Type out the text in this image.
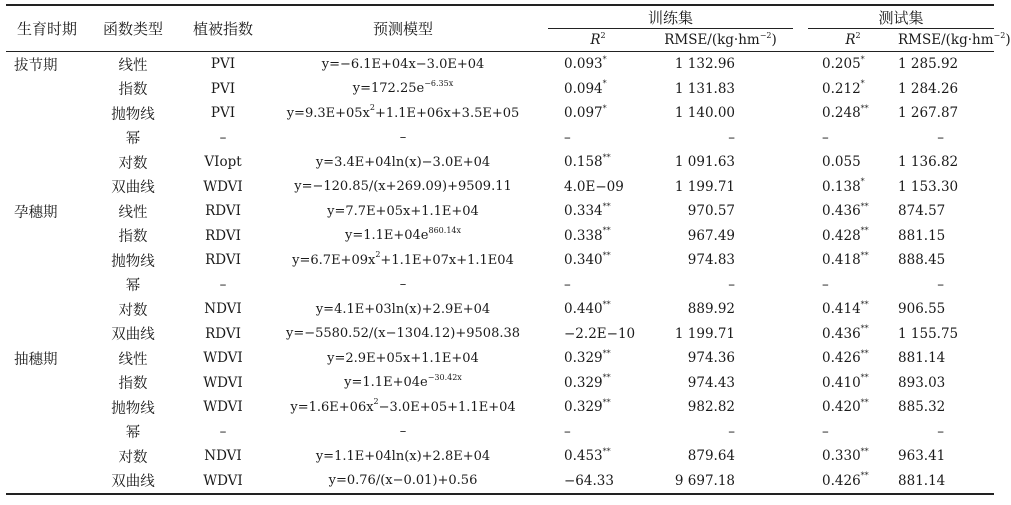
生育时期	函数类型	植被指数	预测模型		训练集			测试集	
					$R^2$	RMSE/$(kg\cdot hm^{-2})$		$R^2$	RMSE/$(kg\cdot hm^{-2})$
拔节期	线性	PVI	y=−6.1E+04x−3.0E+04		0.093*	1 132.96		0.205*	1 285.92
	指数	PVI	$y=172.25e^{-6.35x}$		0.094*	1 131.83		0.212*	1 284.26
	抛物线	PVI	$y=9.3E+05x^2+1.1E+06x+3.5E+05$		0.097*	1 140.00		0.248**	1 267.87
	幂	–	–		–	–		–	–
	对数	VIopt	y=3.4E+04ln(x)−3.0E+04		0.158**	1 091.63		0.055	1 136.82
	双曲线	WDVI	y=−120.85/(x+269.09)+9509.11		4.0E−09	1 199.71		0.138*	1 153.30
孕穗期	线性	RDVI	y=7.7E+05x+1.1E+04		0.334**	970.57		0.436**	874.57
	指数	RDVI	$y=1.1E+04e^{860.14x}$		0.338**	967.49		0.428**	881.15
	抛物线	RDVI	$y=6.7E+09x^2+1.1E+07x+1.1E04$		0.340**	974.83		0.418**	888.45
	幂	–	–		–	–		–	–
	对数	NDVI	y=4.1E+03ln(x)+2.9E+04		0.440**	889.92		0.414**	906.55
	双曲线	RDVI	y=−5580.52/(x−1304.12)+9508.38		−2.2E−10	1 199.71		0.436**	1 155.75
抽穗期	线性	WDVI	y=2.9E+05x+1.1E+04		0.329**	974.36		0.426**	881.14
	指数	WDVI	$y=1.1E+04e^{-30.42x}$		0.329**	974.43		0.410**	893.03
	抛物线	WDVI	$y=1.6E+06x^2-3.0E+05+1.1E+04$		0.329**	982.82		0.420**	885.32
	幂	–	–		–	–		–	–
	对数	NDVI	y=1.1E+04ln(x)+2.8E+04		0.453**	879.64		0.330**	963.41
	双曲线	WDVI	y=0.76/(x−0.01)+0.56		−64.33	9 697.18		0.426**	881.14
